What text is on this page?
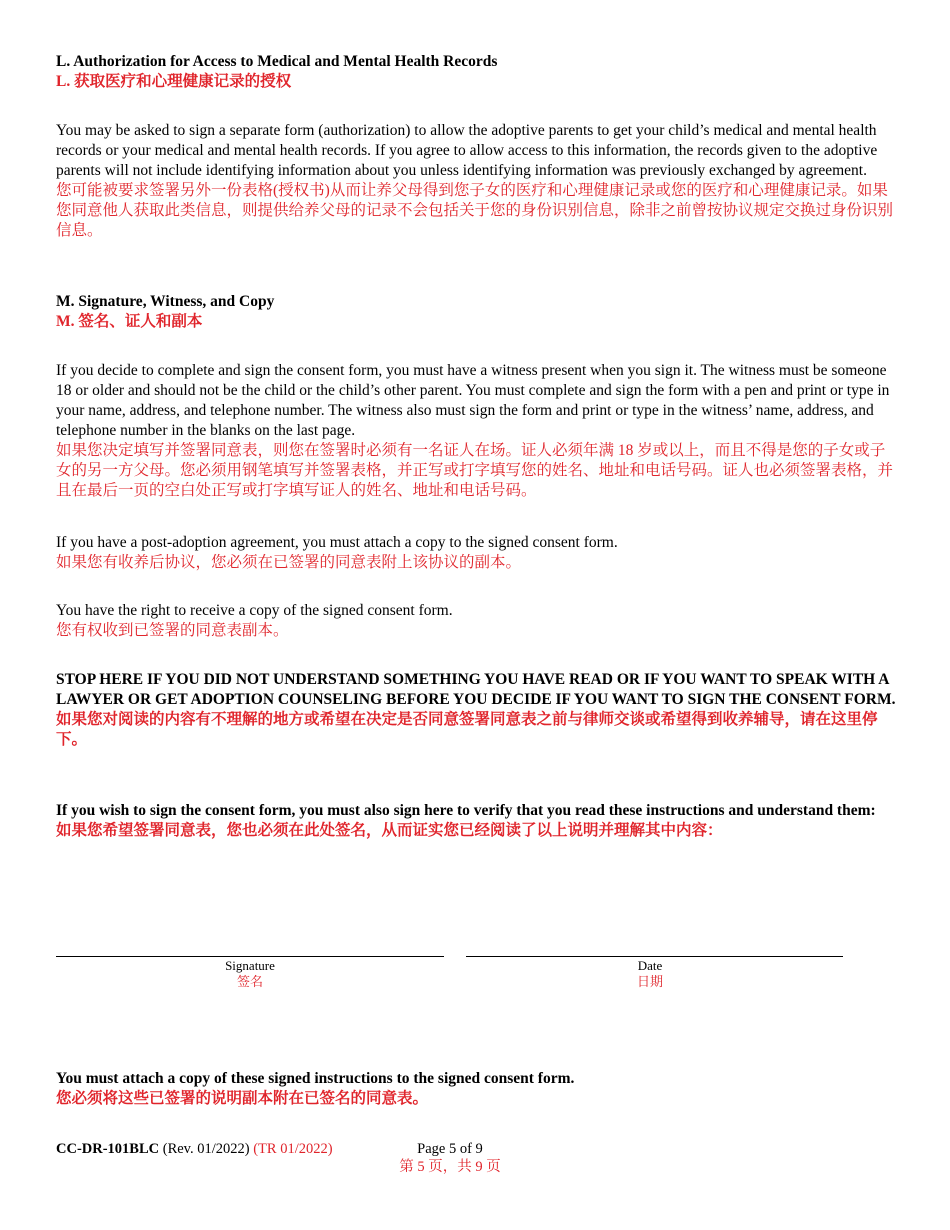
L. Authorization for Access to Medical and Mental Health Records
L. 获取医疗和心理健康记录的授权
You may be asked to sign a separate form (authorization) to allow the adoptive parents to get your child’s medical and mental health records or your medical and mental health records. If you agree to allow access to this information, the records given to the adoptive parents will not include identifying information about you unless identifying information was previously exchanged by agreement.
您可能被要求签署另外一份表格(授权书)从而让养父母得到您子女的医疗和心理健康记录或您的医疗和心理健康记录。如果您同意他人获取此类信息，则提供给养父母的记录不会包括关于您的身份识别信息，除非之前曾按协议规定交换过身份识别信息。
M. Signature, Witness, and Copy
M. 签名、证人和副本
If you decide to complete and sign the consent form, you must have a witness present when you sign it. The witness must be someone 18 or older and should not be the child or the child’s other parent. You must complete and sign the form with a pen and print or type in your name, address, and telephone number. The witness also must sign the form and print or type in the witness’ name, address, and telephone number in the blanks on the last page.
如果您决定填写并签署同意表，则您在签署时必须有一名证人在场。证人必须年满 18 岁或以上，而且不得是您的子女或子女的另一方父母。您必须用钢笔填写并签署表格，并正写或打字填写您的姓名、地址和电话号码。证人也必须签署表格，并且在最后一页的空白处正写或打字填写证人的姓名、地址和电话号码。
If you have a post-adoption agreement, you must attach a copy to the signed consent form.
如果您有收养后协议，您必须在已签署的同意表附上该协议的副本。
You have the right to receive a copy of the signed consent form.
您有权收到已签署的同意表副本。
STOP HERE IF YOU DID NOT UNDERSTAND SOMETHING YOU HAVE READ OR IF YOU WANT TO SPEAK WITH A LAWYER OR GET ADOPTION COUNSELING BEFORE YOU DECIDE IF YOU WANT TO SIGN THE CONSENT FORM.
如果您对阅读的内容有不理解的地方或希望在决定是否同意签署同意表之前与律师交谈或希望得到收养辅导，请在这里停下。
If you wish to sign the consent form, you must also sign here to verify that you read these instructions and understand them:
如果您希望签署同意表，您也必须在此处签名，从而证实您已经阅读了以上说明并理解其中内容：
Signature
签名
Date
日期
You must attach a copy of these signed instructions to the signed consent form.
您必须将这些已签署的说明副本附在已签名的同意表。
CC-DR-101BLC (Rev. 01/2022) (TR 01/2022)	Page 5 of 9
第 5 页，共 9 页
